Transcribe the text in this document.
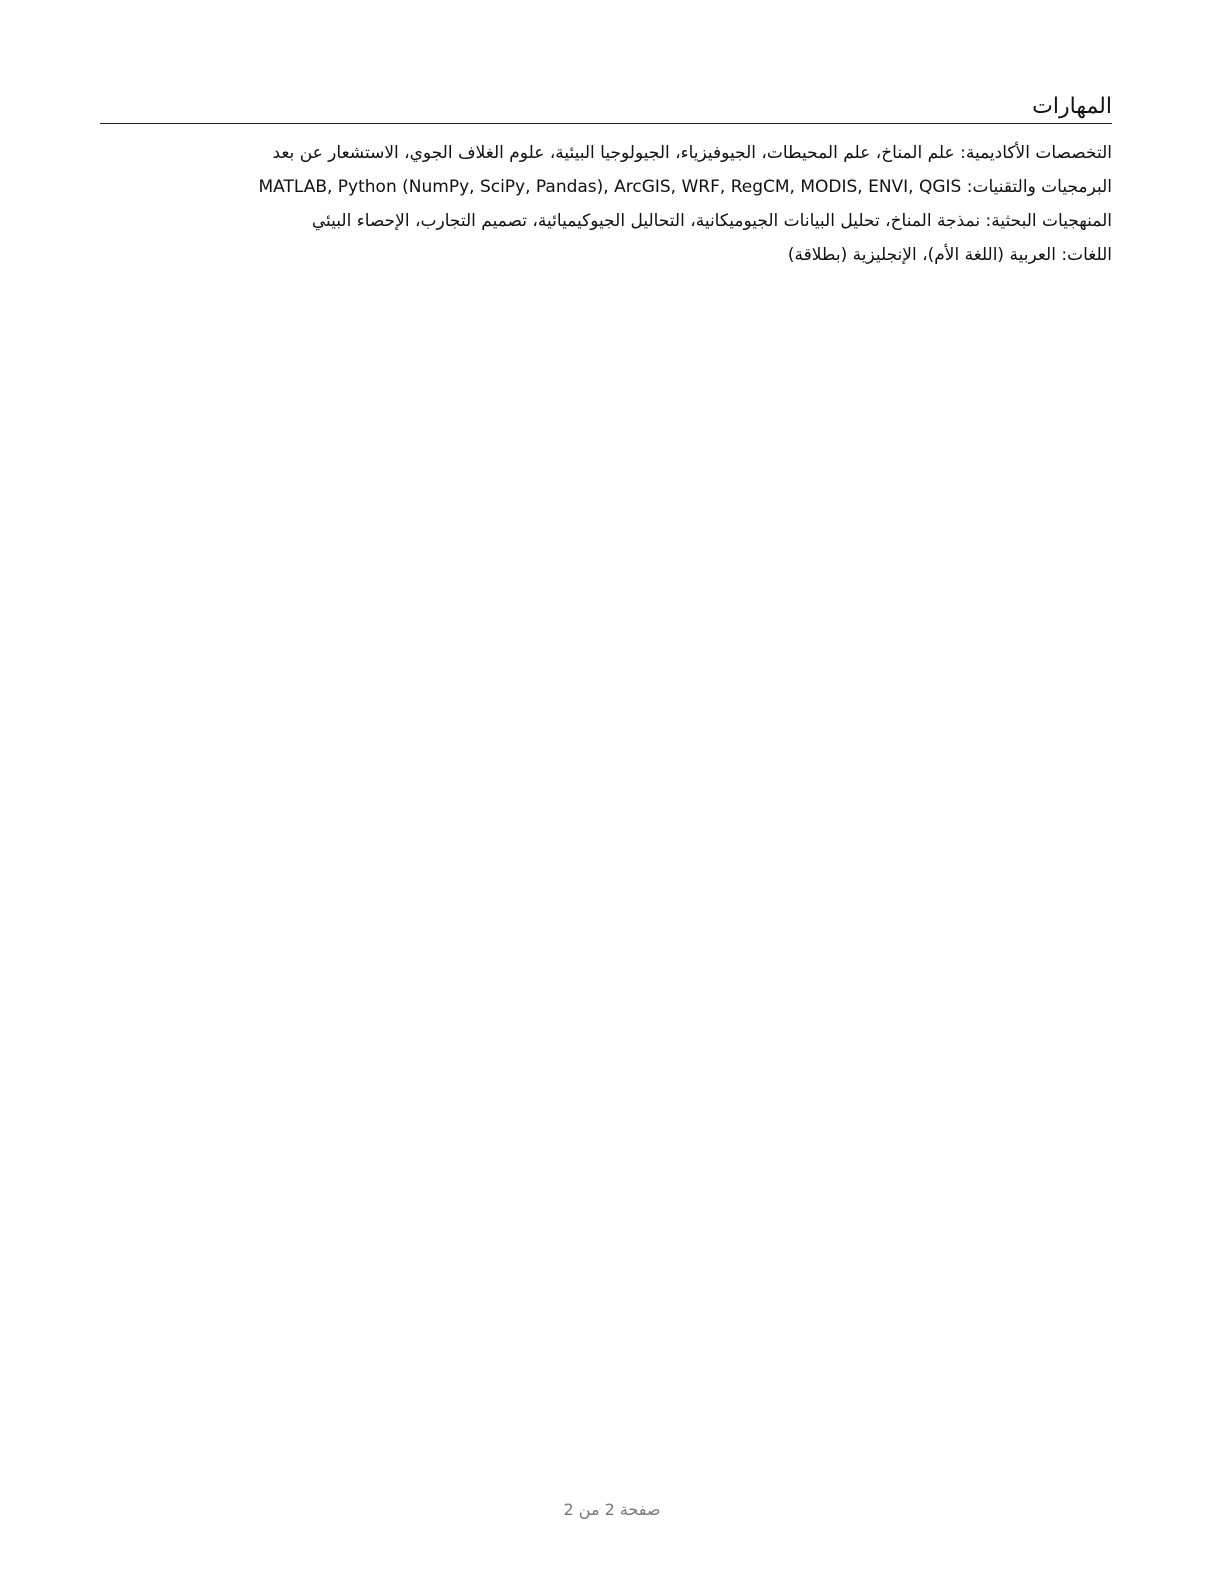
المهارات
التخصصات الأكاديمية: علم المناخ، علم المحيطات، الجيوفيزياء، الجيولوجيا البيئية، علوم الغلاف الجوي، الاستشعار عن بعد
البرمجيات والتقنيات: MATLAB, Python (NumPy, SciPy, Pandas), ArcGIS, WRF, RegCM, MODIS, ENVI, QGIS
المنهجيات البحثية: نمذجة المناخ، تحليل البيانات الجيوميكانية، التحاليل الجيوكيميائية، تصميم التجارب، الإحصاء البيئي
اللغات: العربية (اللغة الأم)، الإنجليزية (بطلاقة)
صفحة 2 من 2
